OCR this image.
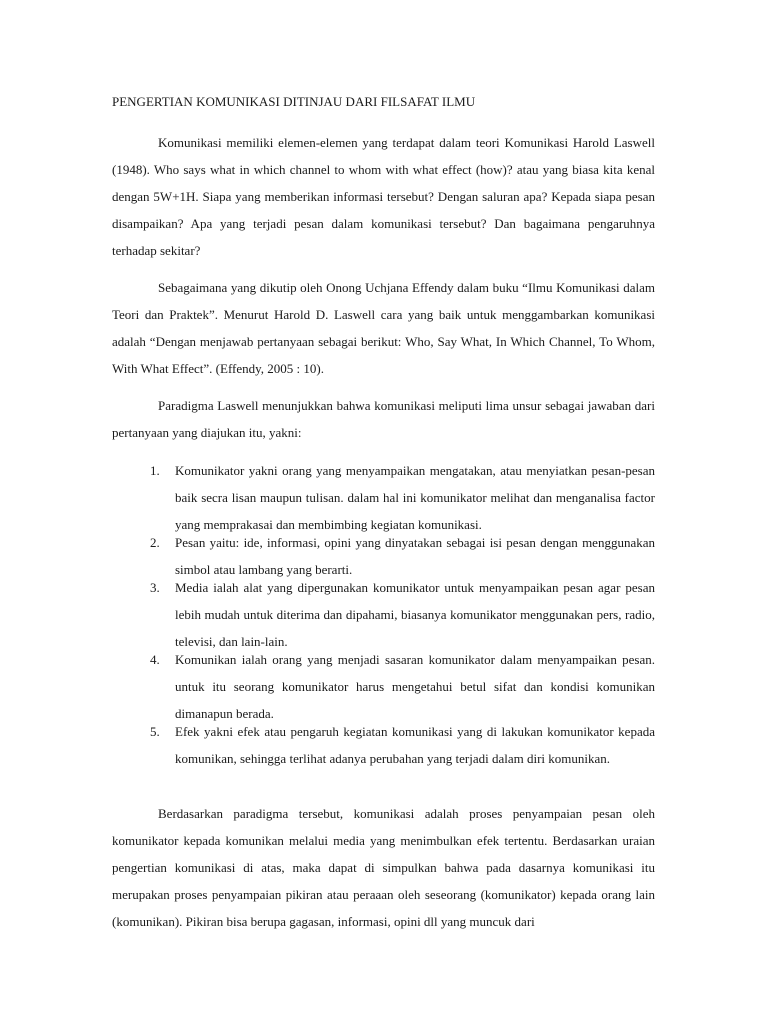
PENGERTIAN KOMUNIKASI DITINJAU DARI FILSAFAT ILMU

Komunikasi memiliki elemen-elemen yang terdapat dalam teori Komunikasi Harold Laswell (1948). Who says what in which channel to whom with what effect (how)? atau yang biasa kita kenal dengan 5W+1H. Siapa yang memberikan informasi tersebut? Dengan saluran apa? Kepada siapa pesan disampaikan? Apa yang terjadi pesan dalam komunikasi tersebut? Dan bagaimana pengaruhnya terhadap sekitar?

Sebagaimana yang dikutip oleh Onong Uchjana Effendy dalam buku “Ilmu Komunikasi dalam Teori dan Praktek”. Menurut Harold D. Laswell cara yang baik untuk menggambarkan komunikasi adalah “Dengan menjawab pertanyaan sebagai berikut: Who, Say What, In Which Channel, To Whom, With What Effect”. (Effendy, 2005 : 10).

Paradigma Laswell menunjukkan bahwa komunikasi meliputi lima unsur sebagai jawaban dari pertanyaan yang diajukan itu, yakni:

1. Komunikator yakni orang yang menyampaikan mengatakan, atau menyiatkan pesan-pesan baik secra lisan maupun tulisan. dalam hal ini komunikator melihat dan menganalisa factor yang memprakasai dan membimbing kegiatan komunikasi.
2. Pesan yaitu: ide, informasi, opini yang dinyatakan sebagai isi pesan dengan menggunakan simbol atau lambang yang berarti.
3. Media ialah alat yang dipergunakan komunikator untuk menyampaikan pesan agar pesan lebih mudah untuk diterima dan dipahami, biasanya komunikator menggunakan pers, radio, televisi, dan lain-lain.
4. Komunikan ialah orang yang menjadi sasaran komunikator dalam menyampaikan pesan. untuk itu seorang komunikator harus mengetahui betul sifat dan kondisi komunikan dimanapun berada.
5. Efek yakni efek atau pengaruh kegiatan komunikasi yang di lakukan komunikator kepada komunikan, sehingga terlihat adanya perubahan yang terjadi dalam diri komunikan.

Berdasarkan paradigma tersebut, komunikasi adalah proses penyampaian pesan oleh komunikator kepada komunikan melalui media yang menimbulkan efek tertentu. Berdasarkan uraian pengertian komunikasi di atas, maka dapat di simpulkan bahwa pada dasarnya komunikasi itu merupakan proses penyampaian pikiran atau peraaan oleh seseorang (komunikator) kepada orang lain (komunikan). Pikiran bisa berupa gagasan, informasi, opini dll yang muncuk dari
